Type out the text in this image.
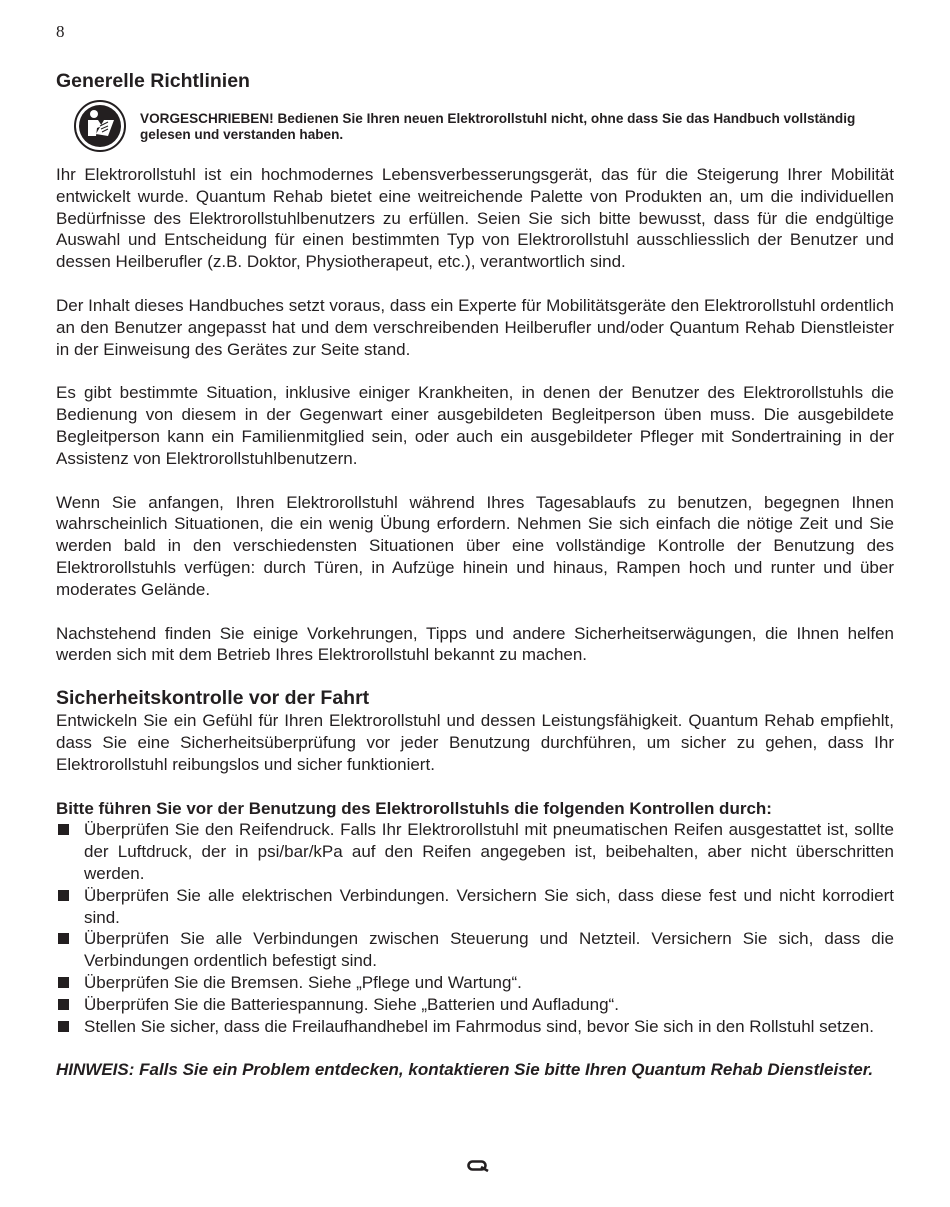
8
Generelle Richtlinien
VORGESCHRIEBEN! Bedienen Sie Ihren neuen Elektrorollstuhl nicht, ohne dass Sie das Handbuch vollständig gelesen und verstanden haben.

Ihr Elektrorollstuhl ist ein hochmodernes Lebensverbesserungsgerät, das für die Steigerung Ihrer Mobilität entwickelt wurde. Quantum Rehab bietet eine weitreichende Palette von Produkten an, um die individuellen Bedürfnisse des Elektrorollstuhlbenutzers zu erfüllen. Seien Sie sich bitte bewusst, dass für die endgültige Auswahl und Entscheidung für einen bestimmten Typ von Elektrorollstuhl ausschliesslich der Benutzer und dessen Heilberufler (z.B. Doktor, Physiotherapeut, etc.), verantwortlich sind.

Der Inhalt dieses Handbuches setzt voraus, dass ein Experte für Mobilitätsgeräte den Elektrorollstuhl ordentlich an den Benutzer angepasst hat und dem verschreibenden Heilberufler und/oder Quantum Rehab Dienstleister in der Einweisung des Gerätes zur Seite stand.

Es gibt bestimmte Situation, inklusive einiger Krankheiten, in denen der Benutzer des Elektrorollstuhls die Bedienung von diesem in der Gegenwart einer ausgebildeten Begleitperson üben muss. Die ausgebildete Begleitperson kann ein Familienmitglied sein, oder auch ein ausgebildeter Pfleger mit Sondertraining in der Assistenz von Elektrorollstuhlbenutzern.

Wenn Sie anfangen, Ihren Elektrorollstuhl während Ihres Tagesablaufs zu benutzen, begegnen Ihnen wahrscheinlich Situationen, die ein wenig Übung erfordern. Nehmen Sie sich einfach die nötige Zeit und Sie werden bald in den verschiedensten Situationen über eine vollständige Kontrolle der Benutzung des Elektrorollstuhls verfügen: durch Türen, in Aufzüge hinein und hinaus, Rampen hoch und runter und über moderates Gelände.

Nachstehend finden Sie einige Vorkehrungen, Tipps und andere Sicherheitserwägungen, die Ihnen helfen werden sich mit dem Betrieb Ihres Elektrorollstuhl bekannt zu machen.

Sicherheitskontrolle vor der Fahrt

Entwickeln Sie ein Gefühl für Ihren Elektrorollstuhl und dessen Leistungsfähigkeit. Quantum Rehab empfiehlt, dass Sie eine Sicherheitsüberprüfung vor jeder Benutzung durchführen, um sicher zu gehen, dass Ihr Elektrorollstuhl reibungslos und sicher funktioniert.

Bitte führen Sie vor der Benutzung des Elektrorollstuhls die folgenden Kontrollen durch:
Überprüfen Sie den Reifendruck. Falls Ihr Elektrorollstuhl mit pneumatischen Reifen ausgestattet ist, sollte der Luftdruck, der in psi/bar/kPa auf den Reifen angegeben ist, beibehalten, aber nicht überschritten werden.
Überprüfen Sie alle elektrischen Verbindungen. Versichern Sie sich, dass diese fest und nicht korrodiert sind.
Überprüfen Sie alle Verbindungen zwischen Steuerung und Netzteil. Versichern Sie sich, dass die Verbindungen ordentlich befestigt sind.
Überprüfen Sie die Bremsen. Siehe „Pflege und Wartung“.
Überprüfen Sie die Batteriespannung. Siehe „Batterien und Aufladung“.
Stellen Sie sicher, dass die Freilaufhandhebel im Fahrmodus sind, bevor Sie sich in den Rollstuhl setzen.
HINWEIS: Falls Sie ein Problem entdecken, kontaktieren Sie bitte Ihren Quantum Rehab Dienstleister.
